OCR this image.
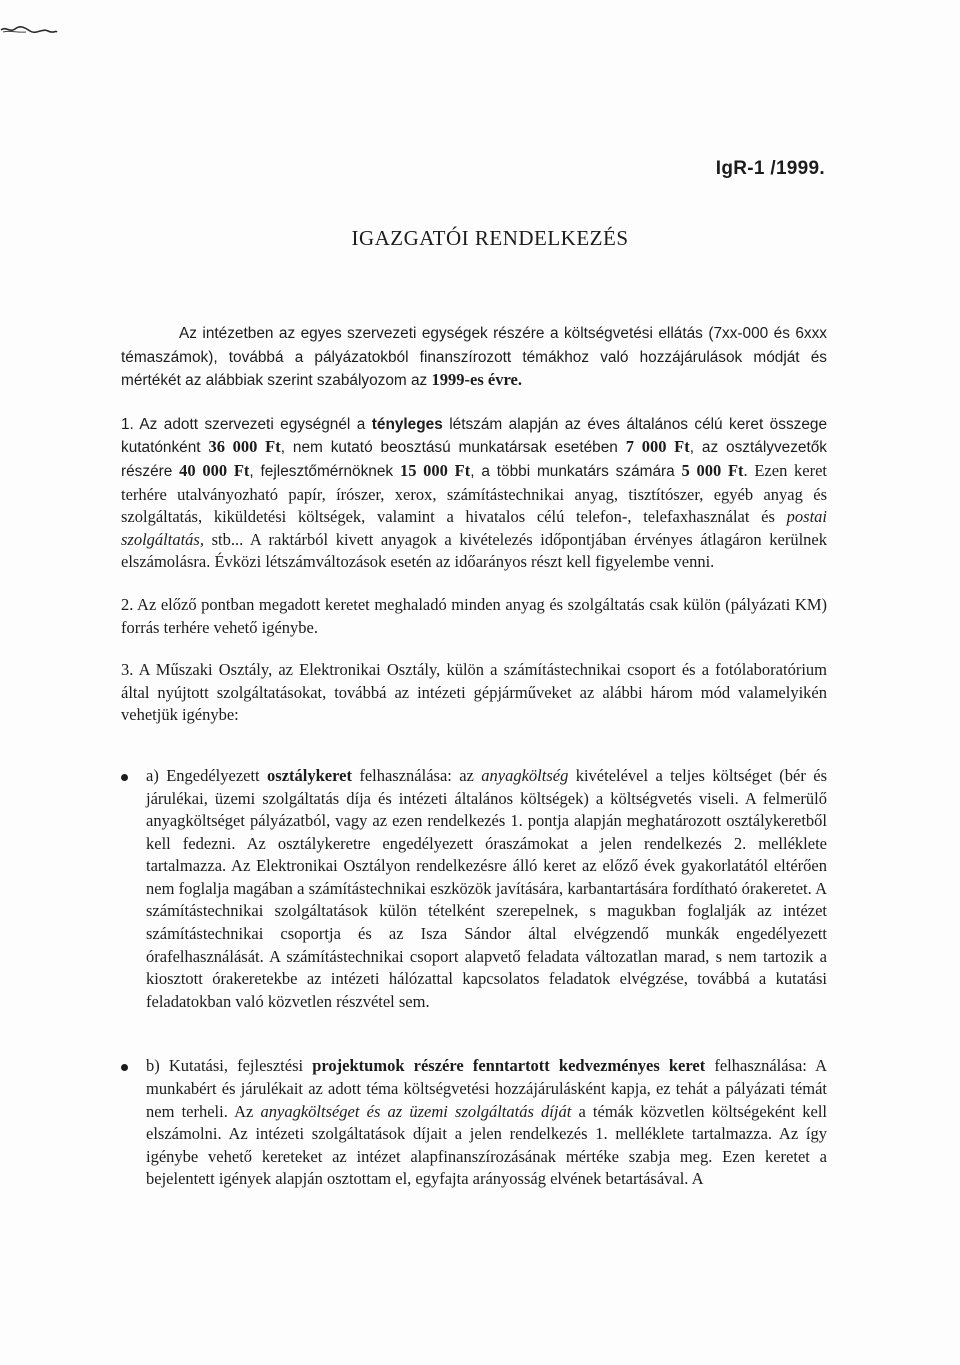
IgR-1 /1999.
IGAZGATÓI RENDELKEZÉS

Az intézetben az egyes szervezeti egységek részére a költségvetési ellátás (7xx-000 és 6xxx témaszámok), továbbá a pályázatokból finanszírozott témákhoz való hozzájárulások módját és mértékét az alábbiak szerint szabályozom az 1999-es évre.

1. Az adott szervezeti egységnél a tényleges létszám alapján az éves általános célú keret összege kutatónként 36 000 Ft, nem kutató beosztású munkatársak esetében 7 000 Ft, az osztályvezetők részére 40 000 Ft, fejlesztőmérnöknek 15 000 Ft, a többi munkatárs számára 5 000 Ft. Ezen keret terhére utalványozható papír, írószer, xerox, számítástechnikai anyag, tisztítószer, egyéb anyag és szolgáltatás, kiküldetési költségek, valamint a hivatalos célú telefon-, telefaxhasználat és postai szolgáltatás, stb... A raktárból kivett anyagok a kivételezés időpontjában érvényes átlagáron kerülnek elszámolásra. Évközi létszámváltozások esetén az időarányos részt kell figyelembe venni.

2. Az előző pontban megadott keretet meghaladó minden anyag és szolgáltatás csak külön (pályázati KM) forrás terhére vehető igénybe.

3. A Műszaki Osztály, az Elektronikai Osztály, külön a számítástechnikai csoport és a fotólaboratórium által nyújtott szolgáltatásokat, továbbá az intézeti gépjárműveket az alábbi három mód valamelyikén vehetjük igénybe:

a) Engedélyezett osztálykeret felhasználása: az anyagköltség kivételével a teljes költséget (bér és járulékai, üzemi szolgáltatás díja és intézeti általános költségek) a költségvetés viseli. A felmerülő anyagköltséget pályázatból, vagy az ezen rendelkezés 1. pontja alapján meghatározott osztálykeretből kell fedezni. Az osztálykeretre engedélyezett óraszámokat a jelen rendelkezés 2. melléklete tartalmazza. Az Elektronikai Osztályon rendelkezésre álló keret az előző évek gyakorlatától eltérően nem foglalja magában a számítástechnikai eszközök javítására, karbantartására fordítható órakeretet. A számítástechnikai szolgáltatások külön tételként szerepelnek, s magukban foglalják az intézet számítástechnikai csoportja és az Isza Sándor által elvégzendő munkák engedélyezett órafelhasználását. A számítástechnikai csoport alapvető feladata változatlan marad, s nem tartozik a kiosztott órakeretekbe az intézeti hálózattal kapcsolatos feladatok elvégzése, továbbá a kutatási feladatokban való közvetlen részvétel sem.

b) Kutatási, fejlesztési projektumok részére fenntartott kedvezményes keret felhasználása: A munkabért és járulékait az adott téma költségvetési hozzájárulásként kapja, ez tehát a pályázati témát nem terheli. Az anyagköltséget és az üzemi szolgáltatás díját a témák közvetlen költségeként kell elszámolni. Az intézeti szolgáltatások díjait a jelen rendelkezés 1. melléklete tartalmazza. Az így igénybe vehető kereteket az intézet alapfinanszírozásának mértéke szabja meg. Ezen keretet a bejelentett igények alapján osztottam el, egyfajta arányosság elvének betartásával. A
